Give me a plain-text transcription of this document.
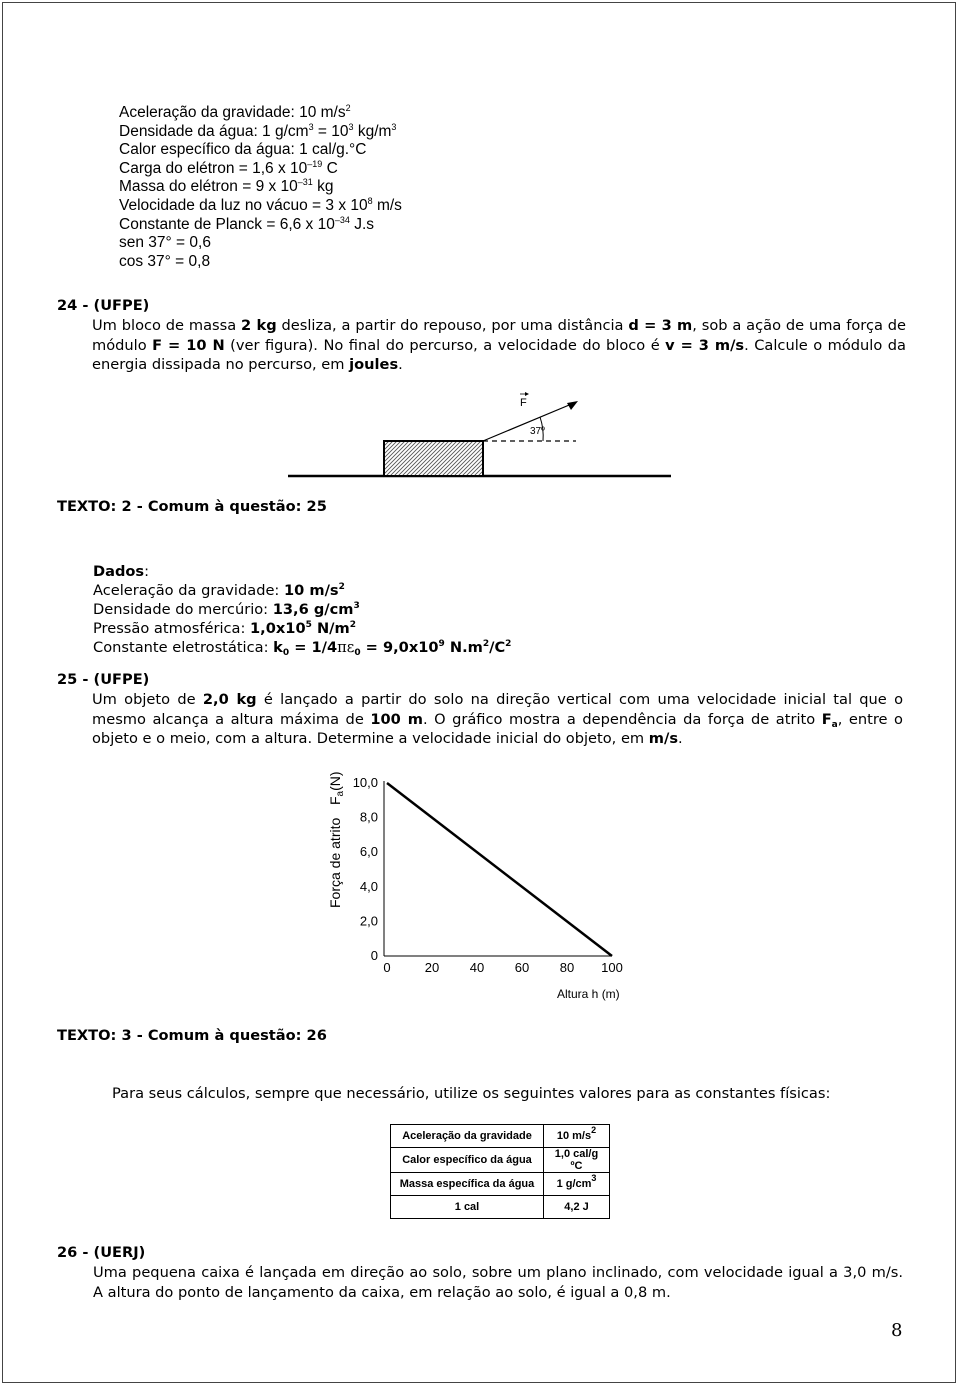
Aceleração da gravidade: 10 $m/s^2$
Densidade da água: 1 $g/cm^3 = 10^3$ $kg/m^3$
Calor específico da água: 1 cal/g.°C
Carga do elétron = 1,6 x $10^{-19}$ C
Massa do elétron = 9 x $10^{-31}$ kg
Velocidade da luz no vácuo = 3 x $10^8$ m/s
Constante de Planck = 6,6 x $10^{-34}$ J.s
sen 37° = 0,6
cos 37° = 0,8
24 - (UFPE)
Um bloco de massa 2 kg desliza, a partir do repouso, por uma distância d = 3 m, sob a ação de uma força de módulo F = 10 N (ver figura). No final do percurso, a velocidade do bloco é v = 3 m/s. Calcule o módulo da energia dissipada no percurso, em joules.
37º
F
TEXTO: 2 - Comum à questão: 25
Dados:
Aceleração da gravidade: 10 $m/s^2$
Densidade do mercúrio: 13,6 $g/cm^3$
Pressão atmosférica: $1,0x10^5$ $N/m^2$
Constante eletrostática: $k_0 = 1/4\pi\varepsilon_0 = 9,0x10^9$ $N.m^2/C^2$
25 - (UFPE)
Um objeto de 2,0 kg é lançado a partir do solo na direção vertical com uma velocidade inicial tal que o mesmo alcança a altura máxima de 100 m. O gráfico mostra a dependência da força de atrito $F_a$, entre o objeto e o meio, com a altura. Determine a velocidade inicial do objeto, em m/s.
0
2,0
4,0
6,0
8,0
10,0
0	20 40 60 80 100
Altura h (m)
Força de atrito
$F_a(N)$
TEXTO: 3 - Comum à questão: 26
Para seus cálculos, sempre que necessário, utilize os seguintes valores para as constantes físicas:
Aceleração da gravidade	10 $m/s^2$
Calor específico da água	1,0 cal/g ºC
Massa específica da água	1 $g/cm^3$
1 cal	4,2 J
26 - (UERJ)
Uma pequena caixa é lançada em direção ao solo, sobre um plano inclinado, com velocidade igual a 3,0 m/s. A altura do ponto de lançamento da caixa, em relação ao solo, é igual a 0,8 m.
8
